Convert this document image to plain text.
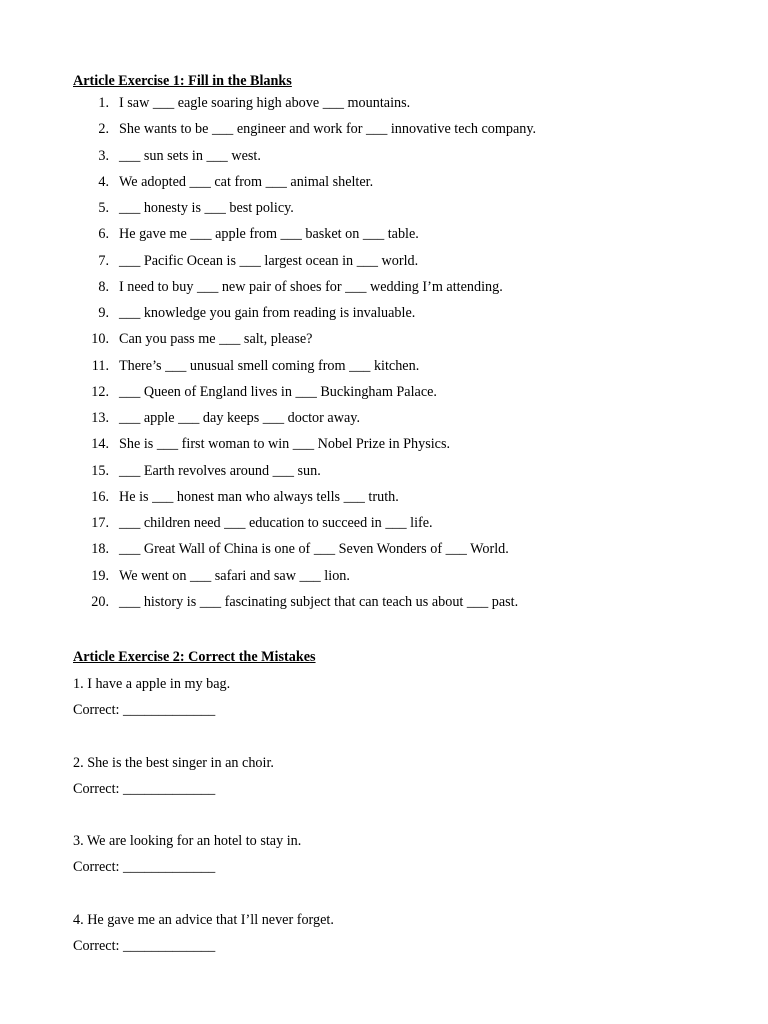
Article Exercise 1: Fill in the Blanks

1. I saw ___ eagle soaring high above ___ mountains.
2. She wants to be ___ engineer and work for ___ innovative tech company.
3. ___ sun sets in ___ west.
4. We adopted ___ cat from ___ animal shelter.
5. ___ honesty is ___ best policy.
6. He gave me ___ apple from ___ basket on ___ table.
7. ___ Pacific Ocean is ___ largest ocean in ___ world.
8. I need to buy ___ new pair of shoes for ___ wedding I’m attending.
9. ___ knowledge you gain from reading is invaluable.
10. Can you pass me ___ salt, please?
11. There’s ___ unusual smell coming from ___ kitchen.
12. ___ Queen of England lives in ___ Buckingham Palace.
13. ___ apple ___ day keeps ___ doctor away.
14. She is ___ first woman to win ___ Nobel Prize in Physics.
15. ___ Earth revolves around ___ sun.
16. He is ___ honest man who always tells ___ truth.
17. ___ children need ___ education to succeed in ___ life.
18. ___ Great Wall of China is one of ___ Seven Wonders of ___ World.
19. We went on ___ safari and saw ___ lion.
20. ___ history is ___ fascinating subject that can teach us about ___ past.

Article Exercise 2: Correct the Mistakes

1. I have a apple in my bag.
Correct: _____________
2. She is the best singer in an choir.
Correct: _____________
3. We are looking for an hotel to stay in.
Correct: _____________
4. He gave me an advice that I’ll never forget.
Correct: _____________
